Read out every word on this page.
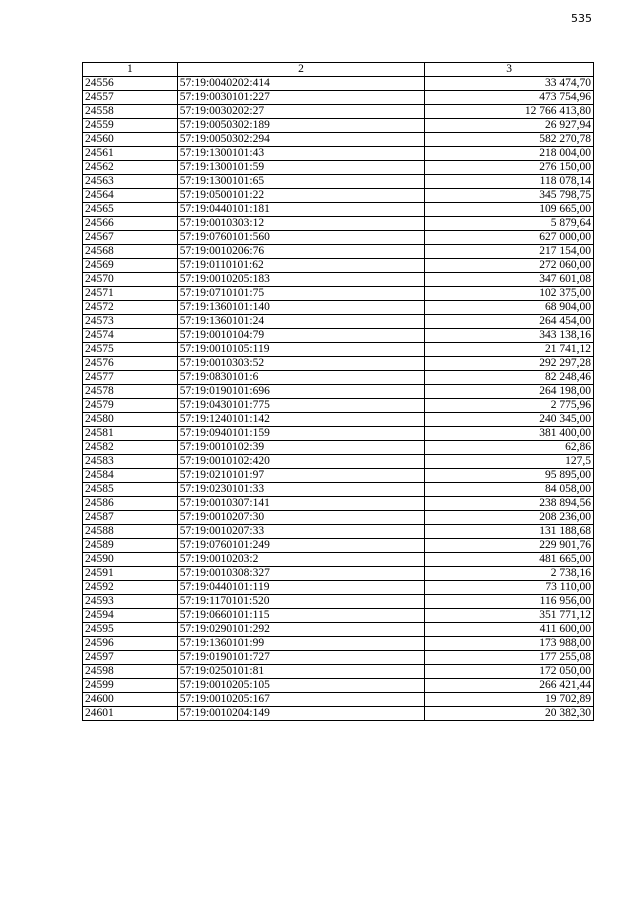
535
1	2	3
24556	57:19:0040202:414	33 474,70
24557	57:19:0030101:227	473 754,96
24558	57:19:0030202:27	12 766 413,80
24559	57:19:0050302:189	26 927,94
24560	57:19:0050302:294	582 270,78
24561	57:19:1300101:43	218 004,00
24562	57:19:1300101:59	276 150,00
24563	57:19:1300101:65	118 078,14
24564	57:19:0500101:22	345 798,75
24565	57:19:0440101:181	109 665,00
24566	57:19:0010303:12	5 879,64
24567	57:19:0760101:560	627 000,00
24568	57:19:0010206:76	217 154,00
24569	57:19:0110101:62	272 060,00
24570	57:19:0010205:183	347 601,08
24571	57:19:0710101:75	102 375,00
24572	57:19:1360101:140	68 904,00
24573	57:19:1360101:24	264 454,00
24574	57:19:0010104:79	343 138,16
24575	57:19:0010105:119	21 741,12
24576	57:19:0010303:52	292 297,28
24577	57:19:0830101:6	82 248,46
24578	57:19:0190101:696	264 198,00
24579	57:19:0430101:775	2 775,96
24580	57:19:1240101:142	240 345,00
24581	57:19:0940101:159	381 400,00
24582	57:19:0010102:39	62,86
24583	57:19:0010102:420	127,5
24584	57:19:0210101:97	95 895,00
24585	57:19:0230101:33	84 058,00
24586	57:19:0010307:141	238 894,56
24587	57:19:0010207:30	208 236,00
24588	57:19:0010207:33	131 188,68
24589	57:19:0760101:249	229 901,76
24590	57:19:0010203:2	481 665,00
24591	57:19:0010308:327	2 738,16
24592	57:19:0440101:119	73 110,00
24593	57:19:1170101:520	116 956,00
24594	57:19:0660101:115	351 771,12
24595	57:19:0290101:292	411 600,00
24596	57:19:1360101:99	173 988,00
24597	57:19:0190101:727	177 255,08
24598	57:19:0250101:81	172 050,00
24599	57:19:0010205:105	266 421,44
24600	57:19:0010205:167	19 702,89
24601	57:19:0010204:149	20 382,30
